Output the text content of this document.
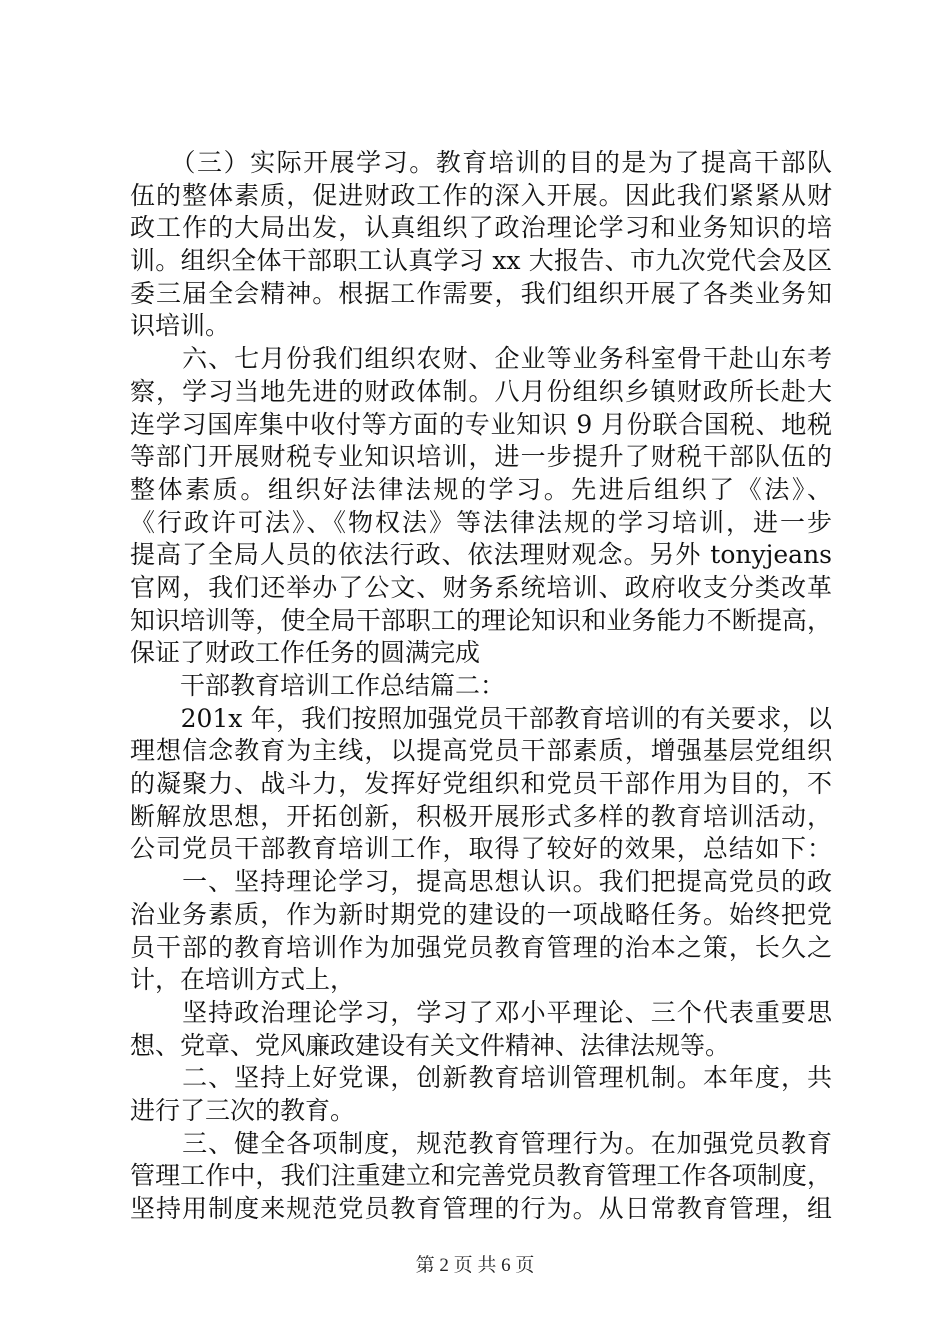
　　（三）实际开展学习。教育培训的目的是为了提高干部队
伍的整体素质，促进财政工作的深入开展。因此我们紧紧从财
政工作的大局出发，认真组织了政治理论学习和业务知识的培
训。组织全体干部职工认真学习 xx 大报告、市九次党代会及区
委三届全会精神。根据工作需要，我们组织开展了各类业务知
识培训。
　　六、七月份我们组织农财、企业等业务科室骨干赴山东考
察，学习当地先进的财政体制。八月份组织乡镇财政所长赴大
连学习国库集中收付等方面的专业知识 9 月份联合国税、地税
等部门开展财税专业知识培训，进一步提升了财税干部队伍的
整体素质。组织好法律法规的学习。先进后组织了《法》、
《行政许可法》、《物权法》等法律法规的学习培训，进一步
提高了全局人员的依法行政、依法理财观念。另外 tonyjeans
官网，我们还举办了公文、财务系统培训、政府收支分类改革
知识培训等，使全局干部职工的理论知识和业务能力不断提高，
保证了财政工作任务的圆满完成
　　干部教育培训工作总结篇二：
　　201x 年，我们按照加强党员干部教育培训的有关要求，以
理想信念教育为主线，以提高党员干部素质，增强基层党组织
的凝聚力、战斗力，发挥好党组织和党员干部作用为目的，不
断解放思想，开拓创新，积极开展形式多样的教育培训活动，
公司党员干部教育培训工作，取得了较好的效果，总结如下：
　　一、坚持理论学习，提高思想认识。我们把提高党员的政
治业务素质，作为新时期党的建设的一项战略任务。始终把党
员干部的教育培训作为加强党员教育管理的治本之策，长久之
计，在培训方式上，
　　坚持政治理论学习，学习了邓小平理论、三个代表重要思
想、党章、党风廉政建设有关文件精神、法律法规等。
　　二、坚持上好党课，创新教育培训管理机制。本年度，共
进行了三次的教育。
　　三、健全各项制度，规范教育管理行为。在加强党员教育
管理工作中，我们注重建立和完善党员教育管理工作各项制度，
坚持用制度来规范党员教育管理的行为。从日常教育管理，组
第 2 页 共 6 页
